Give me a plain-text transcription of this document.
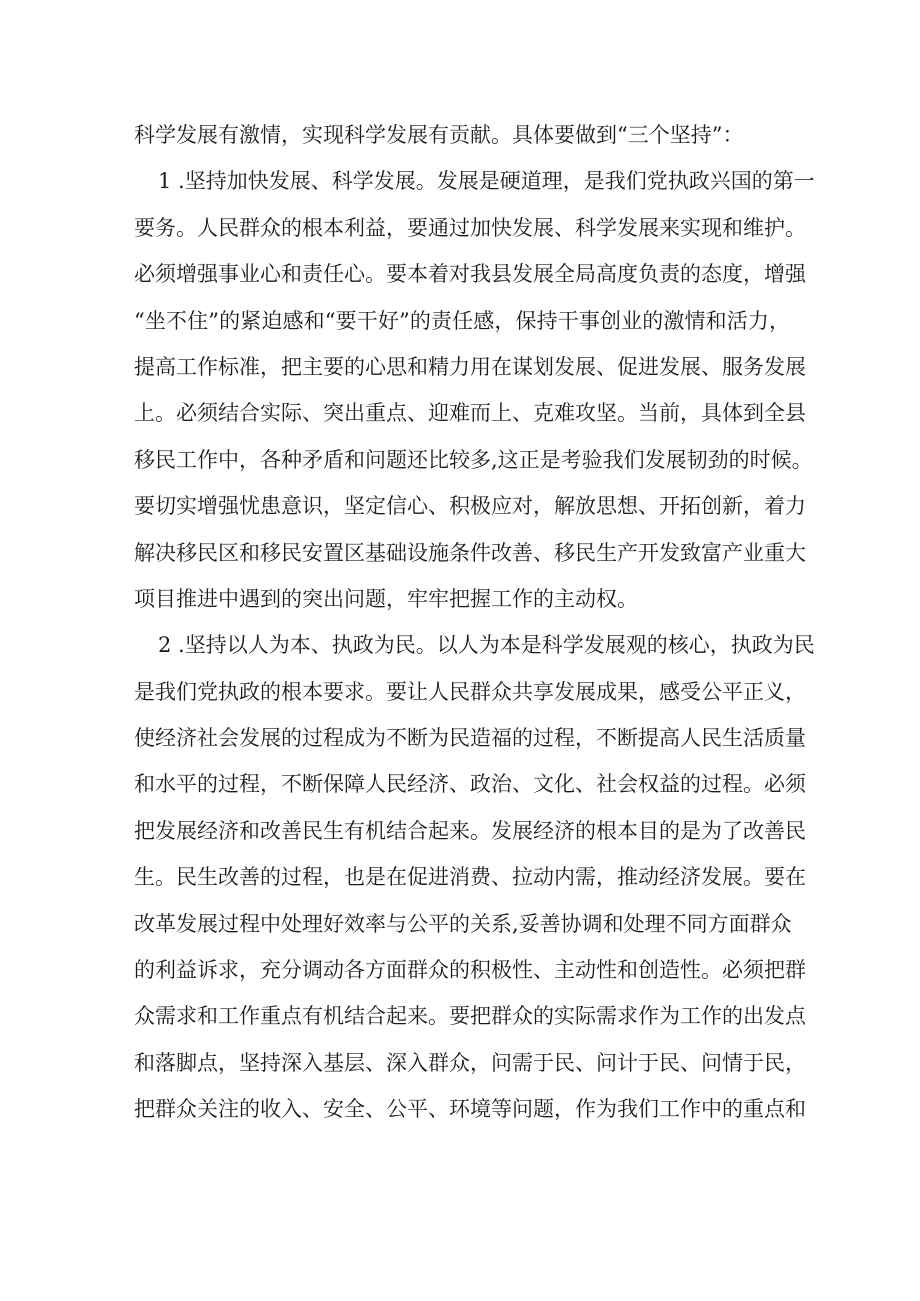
科学发展有激情，实现科学发展有贡献。具体要做到“三个坚持”：
1 .坚持加快发展、科学发展。发展是硬道理，是我们党执政兴国的第一
要务。人民群众的根本利益，要通过加快发展、科学发展来实现和维护。
必须增强事业心和责任心。要本着对我县发展全局高度负责的态度，增强
“坐不住”的紧迫感和“要干好”的责任感，保持干事创业的激情和活力，
提高工作标准，把主要的心思和精力用在谋划发展、促进发展、服务发展
上。必须结合实际、突出重点、迎难而上、克难攻坚。当前，具体到全县
移民工作中，各种矛盾和问题还比较多,这正是考验我们发展韧劲的时候。
要切实增强忧患意识，坚定信心、积极应对，解放思想、开拓创新，着力
解决移民区和移民安置区基础设施条件改善、移民生产开发致富产业重大
项目推进中遇到的突出问题，牢牢把握工作的主动权。
2 .坚持以人为本、执政为民。以人为本是科学发展观的核心，执政为民
是我们党执政的根本要求。要让人民群众共享发展成果，感受公平正义，
使经济社会发展的过程成为不断为民造福的过程，不断提高人民生活质量
和水平的过程，不断保障人民经济、政治、文化、社会权益的过程。必须
把发展经济和改善民生有机结合起来。发展经济的根本目的是为了改善民
生。民生改善的过程，也是在促进消费、拉动内需，推动经济发展。要在
改革发展过程中处理好效率与公平的关系,妥善协调和处理不同方面群众
的利益诉求，充分调动各方面群众的积极性、主动性和创造性。必须把群
众需求和工作重点有机结合起来。要把群众的实际需求作为工作的出发点
和落脚点，坚持深入基层、深入群众，问需于民、问计于民、问情于民，
把群众关注的收入、安全、公平、环境等问题，作为我们工作中的重点和
